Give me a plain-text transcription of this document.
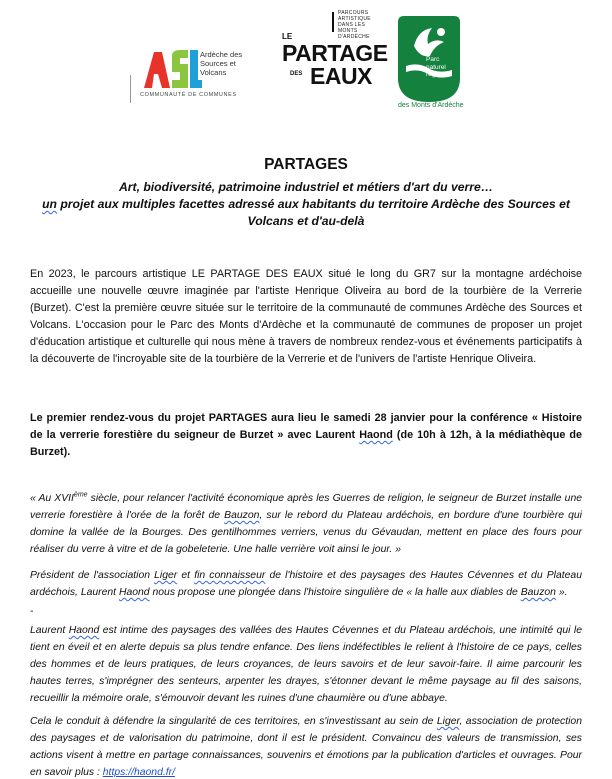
Ardèche des
Sources et
Volcans
COMMUNAUTÉ DE COMMUNES
PARCOURS
ARTISTIQUE
DANS LES
MONTS D'ARDÈCHE
LE
PARTAGE
DES EAUX
Parc
naturel
régional
des Monts d'Ardèche
PARTAGES
Art, biodiversité, patrimoine industriel et métiers d'art du verre…
un projet aux multiples facettes adressé aux habitants du territoire Ardèche des Sources et Volcans et d'au-delà

En 2023, le parcours artistique LE PARTAGE DES EAUX situé le long du GR7 sur la montagne ardéchoise accueille une nouvelle œuvre imaginée par l'artiste Henrique Oliveira au bord de la tourbière de la Verrerie (Burzet). C'est la première œuvre située sur le territoire de la communauté de communes Ardèche des Sources et Volcans. L'occasion pour le Parc des Monts d'Ardèche et la communauté de communes de proposer un projet d'éducation artistique et culturelle qui nous mène à travers de nombreux rendez-vous et événements participatifs à la découverte de l'incroyable site de la tourbière de la Verrerie et de l'univers de l'artiste Henrique Oliveira.

Le premier rendez-vous du projet PARTAGES aura lieu le samedi 28 janvier pour la conférence « Histoire de la verrerie forestière du seigneur de Burzet » avec Laurent Haond (de 10h à 12h, à la médiathèque de Burzet).

« Au XVIIème siècle, pour relancer l'activité économique après les Guerres de religion, le seigneur de Burzet installe une verrerie forestière à l'orée de la forêt de Bauzon, sur le rebord du Plateau ardéchois, en bordure d'une tourbière qui domine la vallée de la Bourges. Des gentilhommes verriers, venus du Gévaudan, mettent en place des fours pour réaliser du verre à vitre et de la gobeleterie. Une halle verrière voit ainsi le jour. »

Président de l'association Liger et fin connaisseur de l'histoire et des paysages des Hautes Cévennes et du Plateau ardéchois, Laurent Haond nous propose une plongée dans l'histoire singulière de « la halle aux diables de Bauzon ».

-

Laurent Haond est intime des paysages des vallées des Hautes Cévennes et du Plateau ardéchois, une intimité qui le tient en éveil et en alerte depuis sa plus tendre enfance. Des liens indéfectibles le relient à l'histoire de ce pays, celles des hommes et de leurs pratiques, de leurs croyances, de leurs savoirs et de leur savoir-faire. Il aime parcourir les hautes terres, s'imprégner des senteurs, arpenter les drayes, s'étonner devant le même paysage au fil des saisons, recueillir la mémoire orale, s'émouvoir devant les ruines d'une chaumière ou d'une abbaye.

Cela le conduit à défendre la singularité de ces territoires, en s'investissant au sein de Liger, association de protection des paysages et de valorisation du patrimoine, dont il est le président. Convaincu des valeurs de transmission, ses actions visent à mettre en partage connaissances, souvenirs et émotions par la publication d'articles et ouvrages. Pour en savoir plus : https://haond.fr/
